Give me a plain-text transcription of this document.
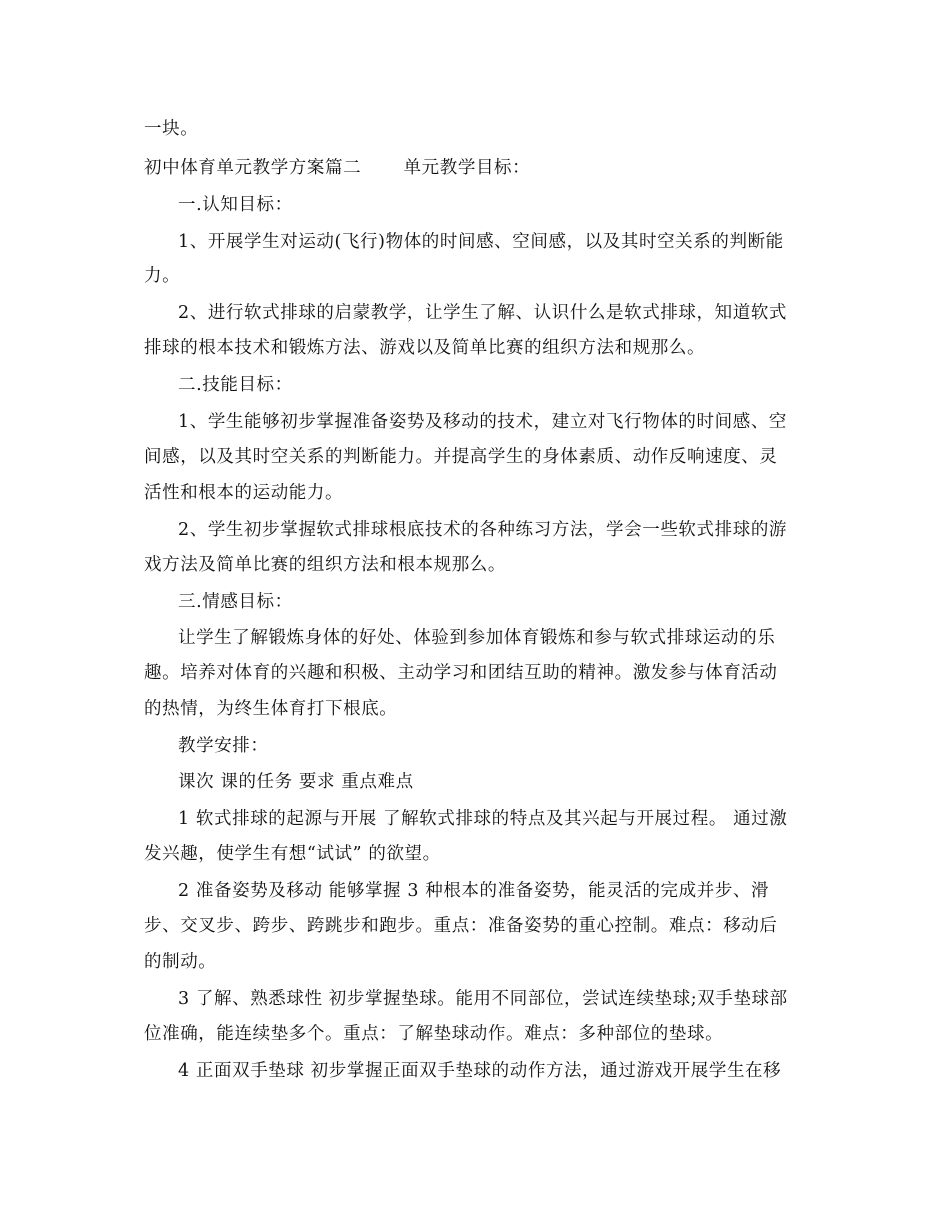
一块。
初中体育单元教学方案篇二 　　单元教学目标：
一.认知目标：
1、开展学生对运动(飞行)物体的时间感、空间感，以及其时空关系的判断能
力。
2、进行软式排球的启蒙教学，让学生了解、认识什么是软式排球，知道软式
排球的根本技术和锻炼方法、游戏以及简单比赛的组织方法和规那么。
二.技能目标：
1、学生能够初步掌握准备姿势及移动的技术，建立对飞行物体的时间感、空
间感，以及其时空关系的判断能力。并提高学生的身体素质、动作反响速度、灵
活性和根本的运动能力。
2、学生初步掌握软式排球根底技术的各种练习方法，学会一些软式排球的游
戏方法及简单比赛的组织方法和根本规那么。
三.情感目标：
让学生了解锻炼身体的好处、体验到参加体育锻炼和参与软式排球运动的乐
趣。培养对体育的兴趣和积极、主动学习和团结互助的精神。激发参与体育活动
的热情，为终生体育打下根底。
教学安排：
课次 课的任务 要求 重点难点
1 软式排球的起源与开展 了解软式排球的特点及其兴起与开展过程。 通过激
发兴趣，使学生有想“试试” 的欲望。
2 准备姿势及移动 能够掌握 3 种根本的准备姿势，能灵活的完成并步、滑
步、交叉步、跨步、跨跳步和跑步。重点：准备姿势的重心控制。难点：移动后
的制动。
3 了解、熟悉球性 初步掌握垫球。能用不同部位，尝试连续垫球;双手垫球部
位准确，能连续垫多个。重点：了解垫球动作。难点：多种部位的垫球。
4 正面双手垫球 初步掌握正面双手垫球的动作方法，通过游戏开展学生在移
